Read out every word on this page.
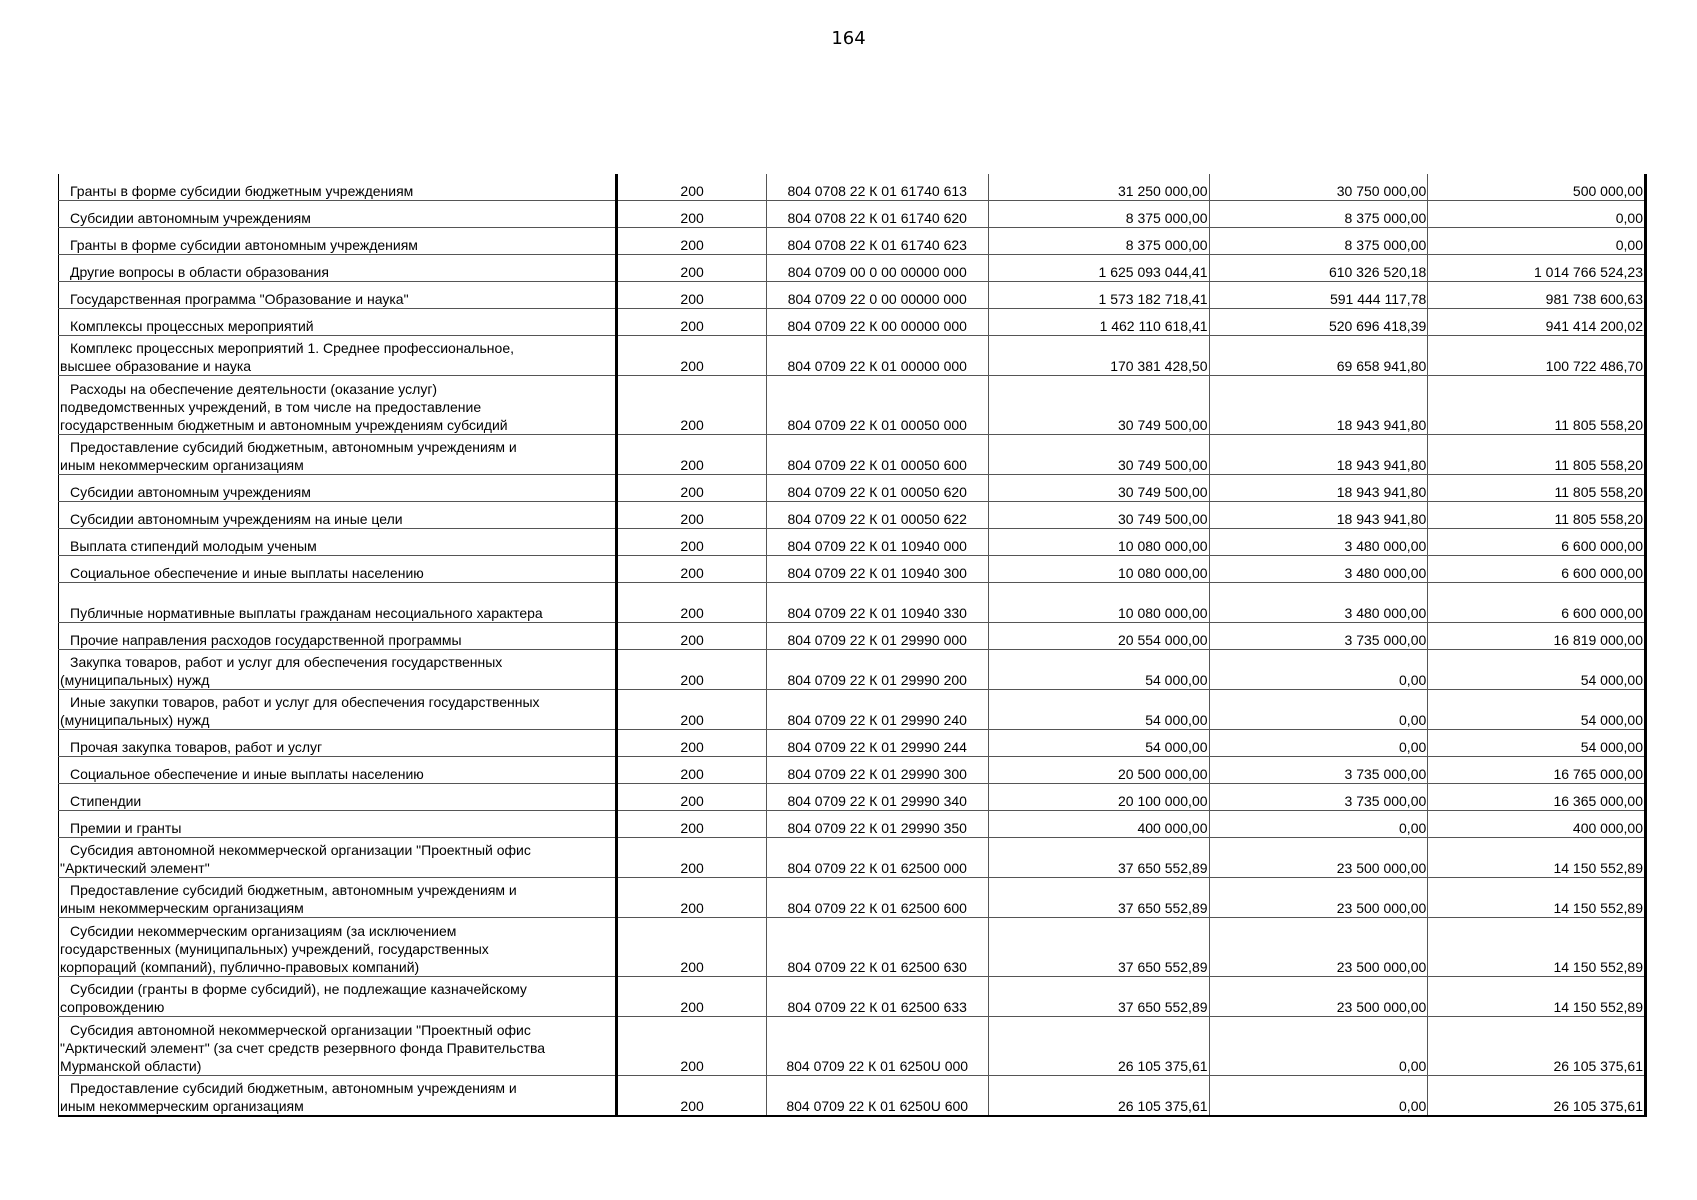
164
Гранты в форме субсидии бюджетным учреждениям	200	804 0708 22 К 01 61740 613	31 250 000,00	30 750 000,00	500 000,00
Субсидии автономным учреждениям	200	804 0708 22 К 01 61740 620	8 375 000,00	8 375 000,00	0,00
Гранты в форме субсидии автономным учреждениям	200	804 0708 22 К 01 61740 623	8 375 000,00	8 375 000,00	0,00
Другие вопросы в области образования	200	804 0709 00 0 00 00000 000	1 625 093 044,41	610 326 520,18	1 014 766 524,23
Государственная программа "Образование и наука"	200	804 0709 22 0 00 00000 000	1 573 182 718,41	591 444 117,78	981 738 600,63
Комплексы процессных мероприятий	200	804 0709 22 К 00 00000 000	1 462 110 618,41	520 696 418,39	941 414 200,02
Комплекс процессных мероприятий 1. Среднее профессиональное,
высшее образование и наука	200	804 0709 22 К 01 00000 000	170 381 428,50	69 658 941,80	100 722 486,70
Расходы на обеспечение деятельности (оказание услуг)
подведомственных учреждений, в том числе на предоставление
государственным бюджетным и автономным учреждениям субсидий	200	804 0709 22 К 01 00050 000	30 749 500,00	18 943 941,80	11 805 558,20
Предоставление субсидий бюджетным, автономным учреждениям и
иным некоммерческим организациям	200	804 0709 22 К 01 00050 600	30 749 500,00	18 943 941,80	11 805 558,20
Субсидии автономным учреждениям	200	804 0709 22 К 01 00050 620	30 749 500,00	18 943 941,80	11 805 558,20
Субсидии автономным учреждениям на иные цели	200	804 0709 22 К 01 00050 622	30 749 500,00	18 943 941,80	11 805 558,20
Выплата стипендий молодым ученым	200	804 0709 22 К 01 10940 000	10 080 000,00	3 480 000,00	6 600 000,00
Социальное обеспечение и иные выплаты населению	200	804 0709 22 К 01 10940 300	10 080 000,00	3 480 000,00	6 600 000,00
Публичные нормативные выплаты гражданам несоциального характера	200	804 0709 22 К 01 10940 330	10 080 000,00	3 480 000,00	6 600 000,00
Прочие направления расходов государственной программы	200	804 0709 22 К 01 29990 000	20 554 000,00	3 735 000,00	16 819 000,00
Закупка товаров, работ и услуг для обеспечения государственных
(муниципальных) нужд	200	804 0709 22 К 01 29990 200	54 000,00	0,00	54 000,00
Иные закупки товаров, работ и услуг для обеспечения государственных
(муниципальных) нужд	200	804 0709 22 К 01 29990 240	54 000,00	0,00	54 000,00
Прочая закупка товаров, работ и услуг	200	804 0709 22 К 01 29990 244	54 000,00	0,00	54 000,00
Социальное обеспечение и иные выплаты населению	200	804 0709 22 К 01 29990 300	20 500 000,00	3 735 000,00	16 765 000,00
Стипендии	200	804 0709 22 К 01 29990 340	20 100 000,00	3 735 000,00	16 365 000,00
Премии и гранты	200	804 0709 22 К 01 29990 350	400 000,00	0,00	400 000,00
Субсидия автономной некоммерческой организации "Проектный офис
"Арктический элемент"	200	804 0709 22 К 01 62500 000	37 650 552,89	23 500 000,00	14 150 552,89
Предоставление субсидий бюджетным, автономным учреждениям и
иным некоммерческим организациям	200	804 0709 22 К 01 62500 600	37 650 552,89	23 500 000,00	14 150 552,89
Субсидии некоммерческим организациям (за исключением
государственных (муниципальных) учреждений, государственных
корпораций (компаний), публично-правовых компаний)	200	804 0709 22 К 01 62500 630	37 650 552,89	23 500 000,00	14 150 552,89
Субсидии (гранты в форме субсидий), не подлежащие казначейскому
сопровождению	200	804 0709 22 К 01 62500 633	37 650 552,89	23 500 000,00	14 150 552,89
Субсидия автономной некоммерческой организации "Проектный офис
"Арктический элемент" (за счет средств резервного фонда Правительства
Мурманской области)	200	804 0709 22 К 01 6250U 000	26 105 375,61	0,00	26 105 375,61
Предоставление субсидий бюджетным, автономным учреждениям и
иным некоммерческим организациям	200	804 0709 22 К 01 6250U 600	26 105 375,61	0,00	26 105 375,61
